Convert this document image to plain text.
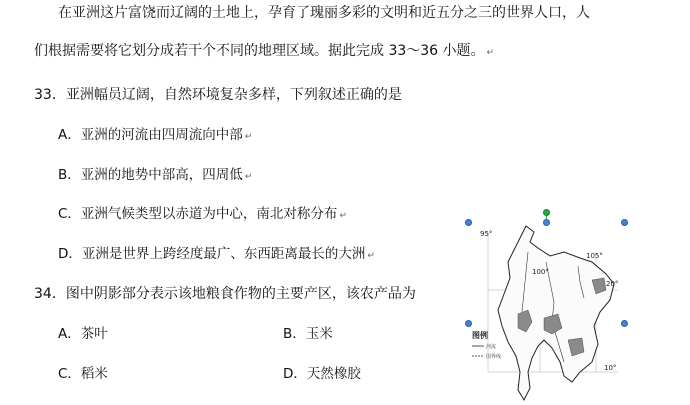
在亚洲这片富饶而辽阔的土地上，孕育了瑰丽多彩的文明和近五分之三的世界人口，人
们根据需要将它划分成若干个不同的地理区域。据此完成 33～36 小题。 ↵
33．亚洲幅员辽阔，自然环境复杂多样，下列叙述正确的是
A．亚洲的河流由四周流向中部 ↵
B．亚洲的地势中部高，四周低 ↵
C．亚洲气候类型以赤道为中心，南北对称分布 ↵
D．亚洲是世界上跨经度最广、东西距离最长的大洲 ↵
34．图中阴影部分表示该地粮食作物的主要产区，该农产品为
A．茶叶	B．玉米
C．稻米	D．天然橡胶
95°
100°
105°
20°
10°
图例
河流
国界线
